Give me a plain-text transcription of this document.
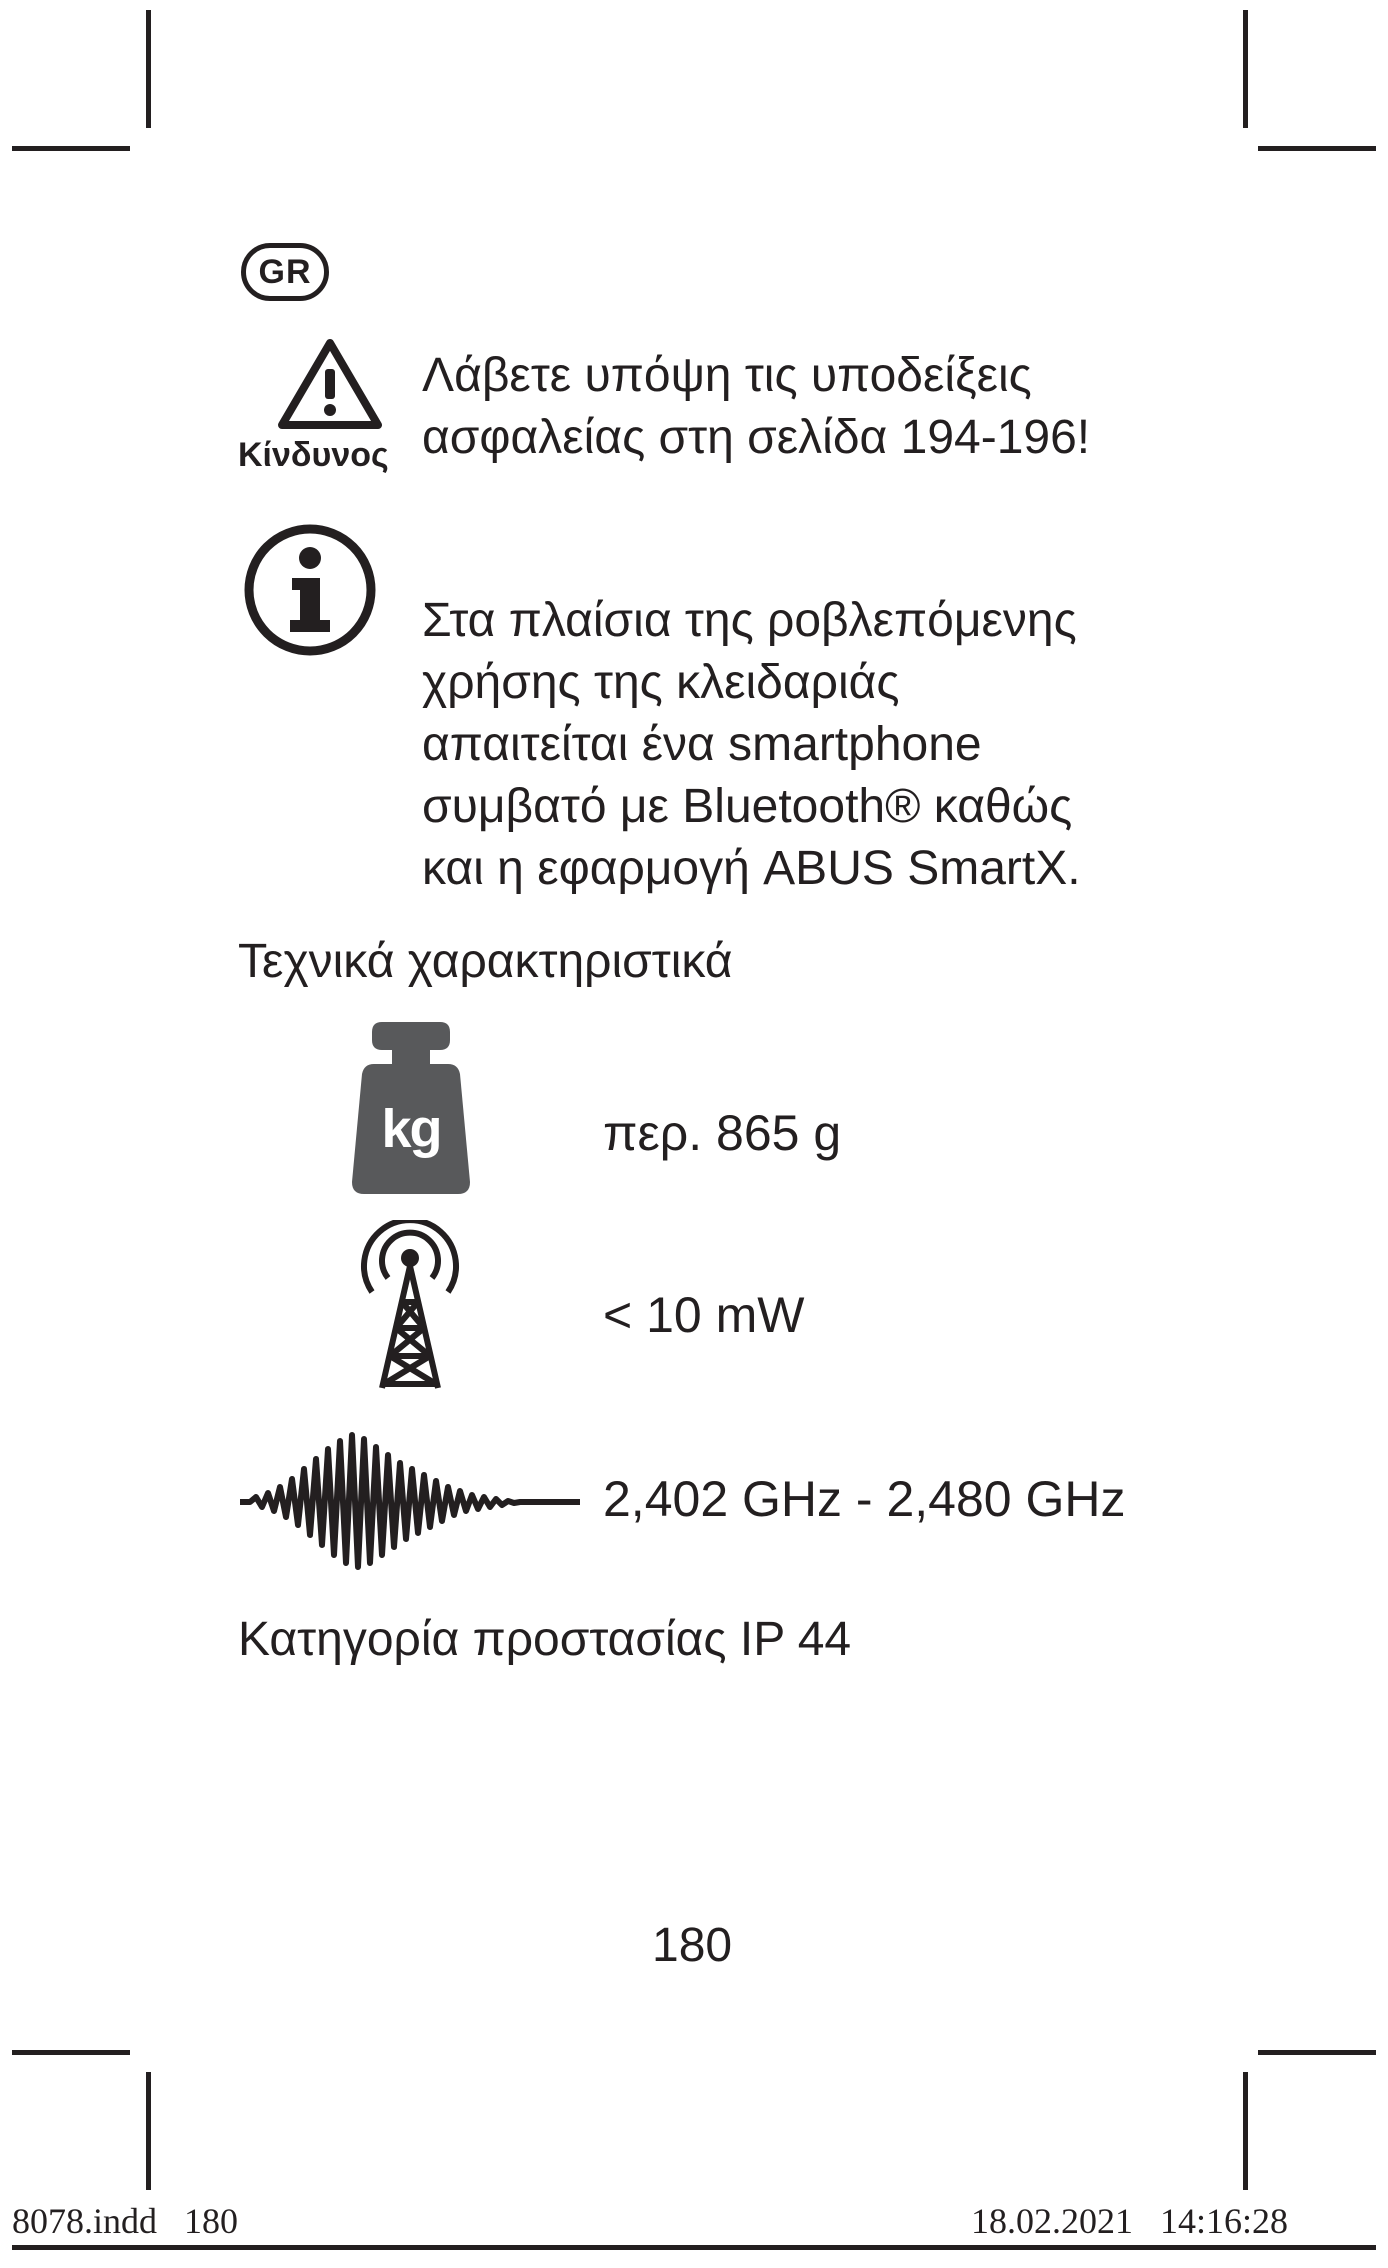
GR
Κίνδυνος
Λάβετε υπόψη τις υποδείξεις
ασφαλείας στη σελίδα 194-196!
Στα πλαίσια της ροβλεπόμενης
χρήσης της κλειδαριάς
απαιτείται ένα smartphone
συμβατό με Bluetooth® καθώς
και η εφαρμογή ABUS SmartX.
Τεχνικά χαρακτηριστικά
kg	περ. 865 g
< 10 mW
2,402 GHz - 2,480 GHz
Κατηγορία προστασίας IP 44
180
8078.indd   180	18.02.2021   14:16:28
